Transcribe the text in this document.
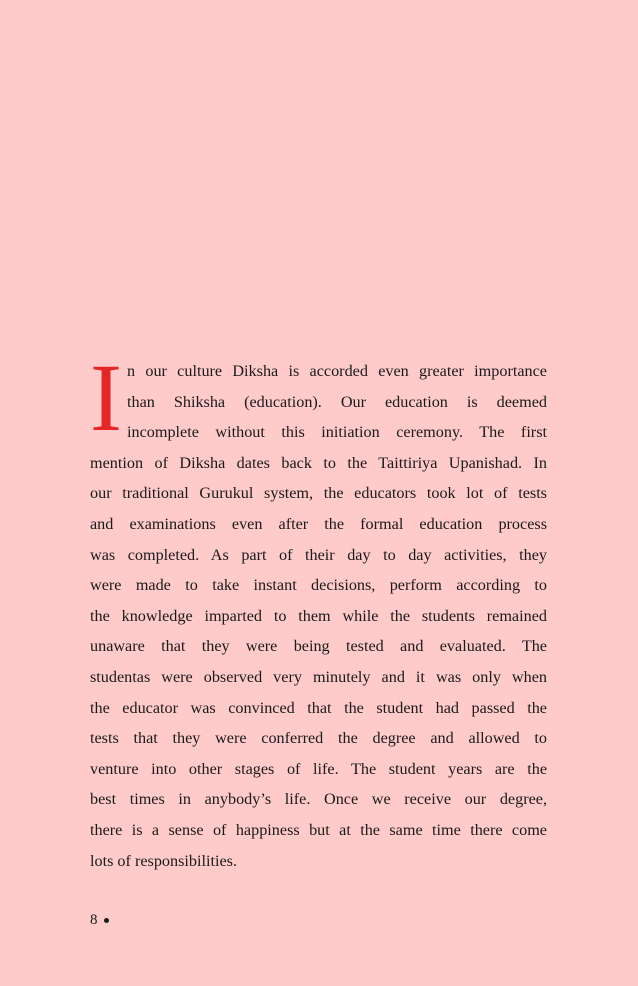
I n our culture Diksha is accorded even greater importance
than Shiksha (education). Our education is deemed
incomplete without this initiation ceremony. The first
mention of Diksha dates back to the Taittiriya Upanishad. In
our traditional Gurukul system, the educators took lot of tests
and examinations even after the formal education process
was completed. As part of their day to day activities, they
were made to take instant decisions, perform according to
the knowledge imparted to them while the students remained
unaware that they were being tested and evaluated. The
studentas were observed very minutely and it was only when
the educator was convinced that the student had passed the
tests that they were conferred the degree and allowed to
venture into other stages of life. The student years are the
best times in anybody’s life. Once we receive our degree,
there is a sense of happiness but at the same time there come
lots of responsibilities.
8
